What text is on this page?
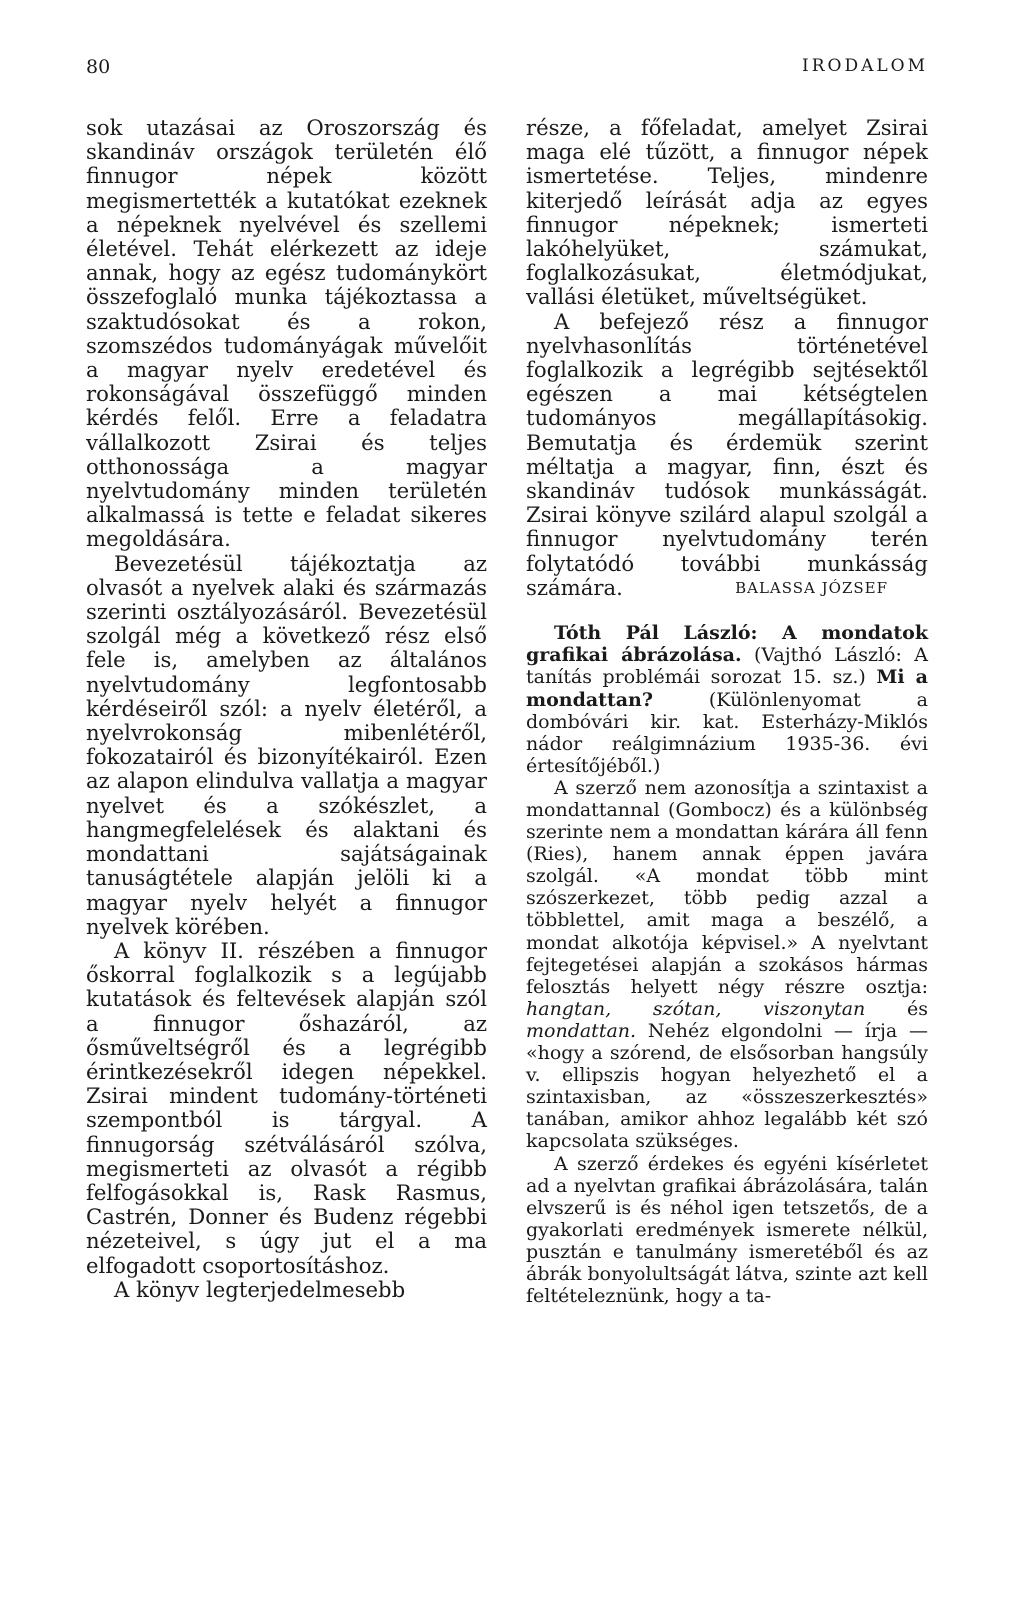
80	IRODALOM

sok utazásai az Oroszország és skandináv országok területén élő finnugor népek között megismertették a kutatókat ezeknek a népeknek nyelvével és szellemi életével. Tehát elérkezett az ideje annak, hogy az egész tudománykört összefoglaló munka tájékoztassa a szaktudósokat és a rokon, szomszédos tudományágak művelőit a magyar nyelv eredetével és rokonságával összefüggő minden kérdés felől. Erre a feladatra vállalkozott Zsirai és teljes otthonossága a magyar nyelvtudomány minden területén alkalmassá is tette e feladat sikeres megoldására.

Bevezetésül tájékoztatja az olvasót a nyelvek alaki és származás szerinti osztályozásáról. Bevezetésül szolgál még a következő rész első fele is, amelyben az általános nyelvtudomány legfontosabb kérdéseiről szól: a nyelv életéről, a nyelvrokonság mibenlétéről, fokozatairól és bizonyítékairól. Ezen az alapon elindulva vallatja a magyar nyelvet és a szókészlet, a hangmegfelelések és alaktani és mondattani sajátságainak tanuságtétele alapján jelöli ki a magyar nyelv helyét a finnugor nyelvek körében.

A könyv II. részében a finnugor őskorral foglalkozik s a legújabb kutatások és feltevések alapján szól a finnugor őshazáról, az ősműveltségről és a legrégibb érintkezésekről idegen népekkel. Zsirai mindent tudomány-történeti szempontból is tárgyal. A finnugorság szétválásáról szólva, megismerteti az olvasót a régibb felfogásokkal is, Rask Rasmus, Castrén, Donner és Budenz régebbi nézeteivel, s úgy jut el a ma elfogadott csoportosításhoz.

A könyv legterjedelmesebb

része, a főfeladat, amelyet Zsirai maga elé tűzött, a finnugor népek ismertetése. Teljes, mindenre kiterjedő leírását adja az egyes finnugor népeknek; ismerteti lakóhelyüket, számukat, foglalkozásukat, életmódjukat, vallási életüket, műveltségüket.

A befejező rész a finnugor nyelvhasonlítás történetével foglalkozik a legrégibb sejtésektől egészen a mai kétségtelen tudományos megállapításokig. Bemutatja és érdemük szerint méltatja a magyar, finn, észt és skandináv tudósok munkásságát. Zsirai könyve szilárd alapul szolgál a finnugor nyelvtudomány terén folytatódó további munkásság számára.	BALASSA JÓZSEF

Tóth Pál László: A mondatok grafikai ábrázolása. (Vajthó László: A tanítás problémái sorozat 15. sz.) Mi a mondattan? (Különlenyomat a dombóvári kir. kat. Esterházy-Miklós nádor reálgimnázium 1935-36. évi értesítőjéből.)

A szerző nem azonosítja a szintaxist a mondattannal (Gombocz) és a különbség szerinte nem a mondattan kárára áll fenn (Ries), hanem annak éppen javára szolgál. «A mondat több mint szószerkezet, több pedig azzal a többlettel, amit maga a beszélő, a mondat alkotója képvisel.» A nyelvtant fejtegetései alapján a szokásos hármas felosztás helyett négy részre osztja: hangtan, szótan, viszonytan és mondattan. Nehéz elgondolni — írja — «hogy a szórend, de elsősorban hangsúly v. ellipszis hogyan helyezhető el a szintaxisban, az «összeszerkesztés» tanában, amikor ahhoz legalább két szó kapcsolata szükséges.

A szerző érdekes és egyéni kísérletet ad a nyelvtan grafikai ábrázolására, talán elvszerű is és néhol igen tetszetős, de a gyakorlati eredmények ismerete nélkül, pusztán e tanulmány ismeretéből és az ábrák bonyolultságát látva, szinte azt kell feltételeznünk, hogy a ta-
